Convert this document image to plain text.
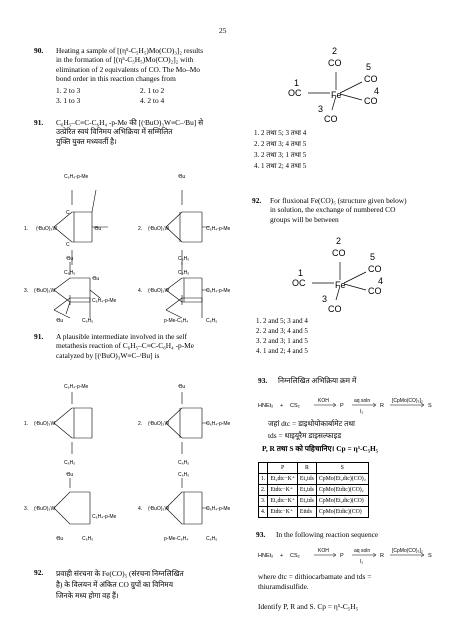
25
90. Heating a sample of [(η⁵-C₅H₅)Mo(CO)₃]₂ results
in the formation of [(η⁵-C₅H₅)Mo(CO)₂]₂ with
elimination of 2 equivalents of CO. The Mo–Mo
bond order in this reaction changes from
1. 2 to 3	2. 1 to 2
3. 1 to 3	4. 2 to 4
91. C₆H₅–C≡C-C₆H₄ -p-Me की [(ᵗBuO)₃W≡C–ᵗBu] से
उत्प्रेरित स्वयं विनिमय अभिक्रिया में सम्मिलित
युक्ति युक्त मध्यवर्ती है।
C₆H₄-p-Me
1. (ᵗBuO)₃W
C
C
ᵗBu
C₆H₅
2. (ᵗBuO)₃W
ᵗBu
C₆H₄-p-Me
C₆H₅
ᵗBu
ᵗBu
3. (ᵗBuO)₃W
C₆H₄-p-Me
ᵗBu	C₆H₅
C₆H₅
4. (ᵗBuO)₃W	C₆H₄-p-Me
p-Me-C₆H₄	C₆H₅
91. A plausible intermediate involved in the self
metathesis reaction of C₆H₅–C≡C-C₆H₄ -p-Me
catalyzed by [(ᵗBuO)₃W≡C–ᵗBu] is
C₆H₄-p-Me
1. (ᵗBuO)₃W
C₆H₅
2. (ᵗBuO)₃W
ᵗBu
C₆H₄-p-Me
C₆H₅
ᵗBu
3. (ᵗBuO)₃W
C₆H₄-p-Me
ᵗBu	C₆H₅
C₆H₅
4. (ᵗBuO)₃W	C₆H₄-p-Me
p-Me-C₆H₄	C₆H₅
92. प्रवाही संरचना के Fe(CO)₅ (संरचना निम्नलिखित
है) के विलयन में अंकित CO ग्रुपों का विनिमय
जिनके मध्य होगा वह हैं।
2
CO
1
OC	Fe
5
CO
4
CO
3
CO
1. 2 तथा 5; 3 तथा 4
2. 2 तथा 3; 4 तथा 5
3. 2 तथा 3; 1 तथा 5
4. 1 तथा 2; 4 तथा 5
92. For fluxional Fe(CO)₅ (structure given below)
in solution, the exchange of numbered CO
groups will be between
2
CO
1
OC	Fe
5
CO
4
CO
3
CO
1. 2 and 5; 3 and 4
2. 2 and 3; 4 and 5
3. 2 and 3; 1 and 5
4. 1 and 2; 4 and 5
93. निम्नलिखित अभिक्रिया क्रम में
HNEt₂ + CS₂
KOH
P
aq soln
I₂
R
[CpMo(CO)₃]₂
S
जहां dtc = डाइथोयोकार्बामेट तथा
tds = थाइयूरैम डाइसल्फाइड
P, R तथा S को पहिचानिए। Cp = η⁵-C₅H₅
	P	R	S
1.	Et₂dtc⁻K⁺	Et₄tds	CpMo(Et₂dtc)(CO)₂
2.	Etdtc⁻K⁺	Et₂tds	CpMo(Etdtc)(CO)₂
3.	Et₂dtc⁻K⁺	Et₂tds	CpMo(Et₂dtc)(CO)
4.	Etdtc⁻K⁺	Ettds	CpMo(Etdtc)(CO)
93. In the following reaction sequence
HNEt₂ + CS₂
KOH
P
aq soln
I₂
R
[CpMo(CO)₃]₂
S
where dtc = dithiocarbamate and tds =
thiuramdisulfide.
Identify P, R and S. Cp = η⁵-C₅H₅
